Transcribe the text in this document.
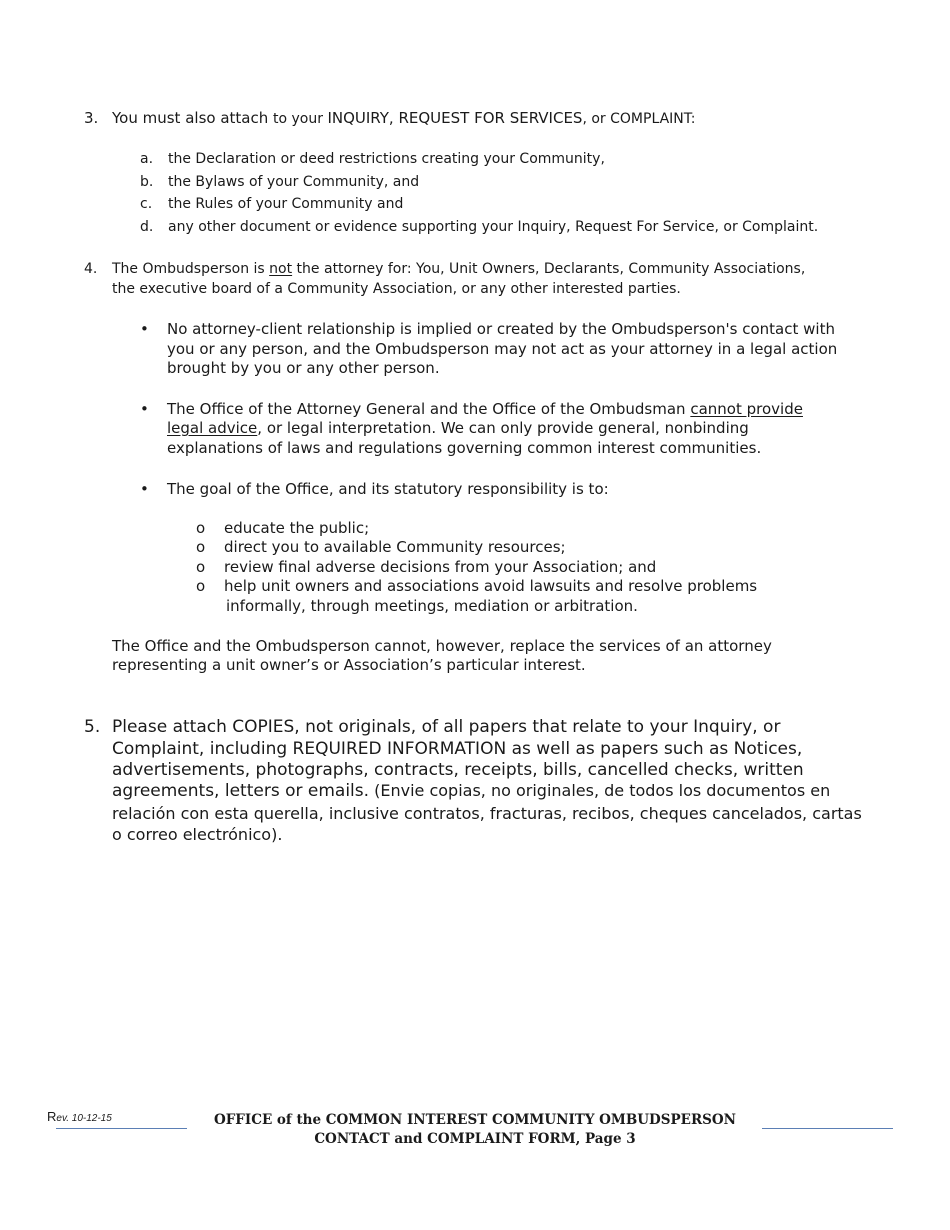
3. You must also attach to your INQUIRY, REQUEST FOR SERVICES, or COMPLAINT:
a. the Declaration or deed restrictions creating your Community,
b. the Bylaws of your Community, and
c. the Rules of your Community and
d. any other document or evidence supporting your Inquiry, Request For Service, or Complaint.
4. The Ombudsperson is not the attorney for: You, Unit Owners, Declarants, Community Associations,
the executive board of a Community Association, or any other interested parties.
• No attorney-client relationship is implied or created by the Ombudsperson's contact with
you or any person, and the Ombudsperson may not act as your attorney in a legal action
brought by you or any other person.
• The Office of the Attorney General and the Office of the Ombudsman cannot provide
legal advice, or legal interpretation. We can only provide general, nonbinding
explanations of laws and regulations governing common interest communities.
• The goal of the Office, and its statutory responsibility is to:
o educate the public;
o direct you to available Community resources;
o review final adverse decisions from your Association; and
o help unit owners and associations avoid lawsuits and resolve problems
informally, through meetings, mediation or arbitration.
The Office and the Ombudsperson cannot, however, replace the services of an attorney
representing a unit owner’s or Association’s particular interest.
5. Please attach COPIES, not originals, of all papers that relate to your Inquiry, or
Complaint, including REQUIRED INFORMATION as well as papers such as Notices,
advertisements, photographs, contracts, receipts, bills, cancelled checks, written
agreements, letters or emails. (Envie copias, no originales, de todos los documentos en
relación con esta querella, inclusive contratos, fracturas, recibos, cheques cancelados, cartas
o correo electrónico).
Rev. 10-12-15	OFFICE of the COMMON INTEREST COMMUNITY OMBUDSPERSON
CONTACT and COMPLAINT FORM, Page 3
